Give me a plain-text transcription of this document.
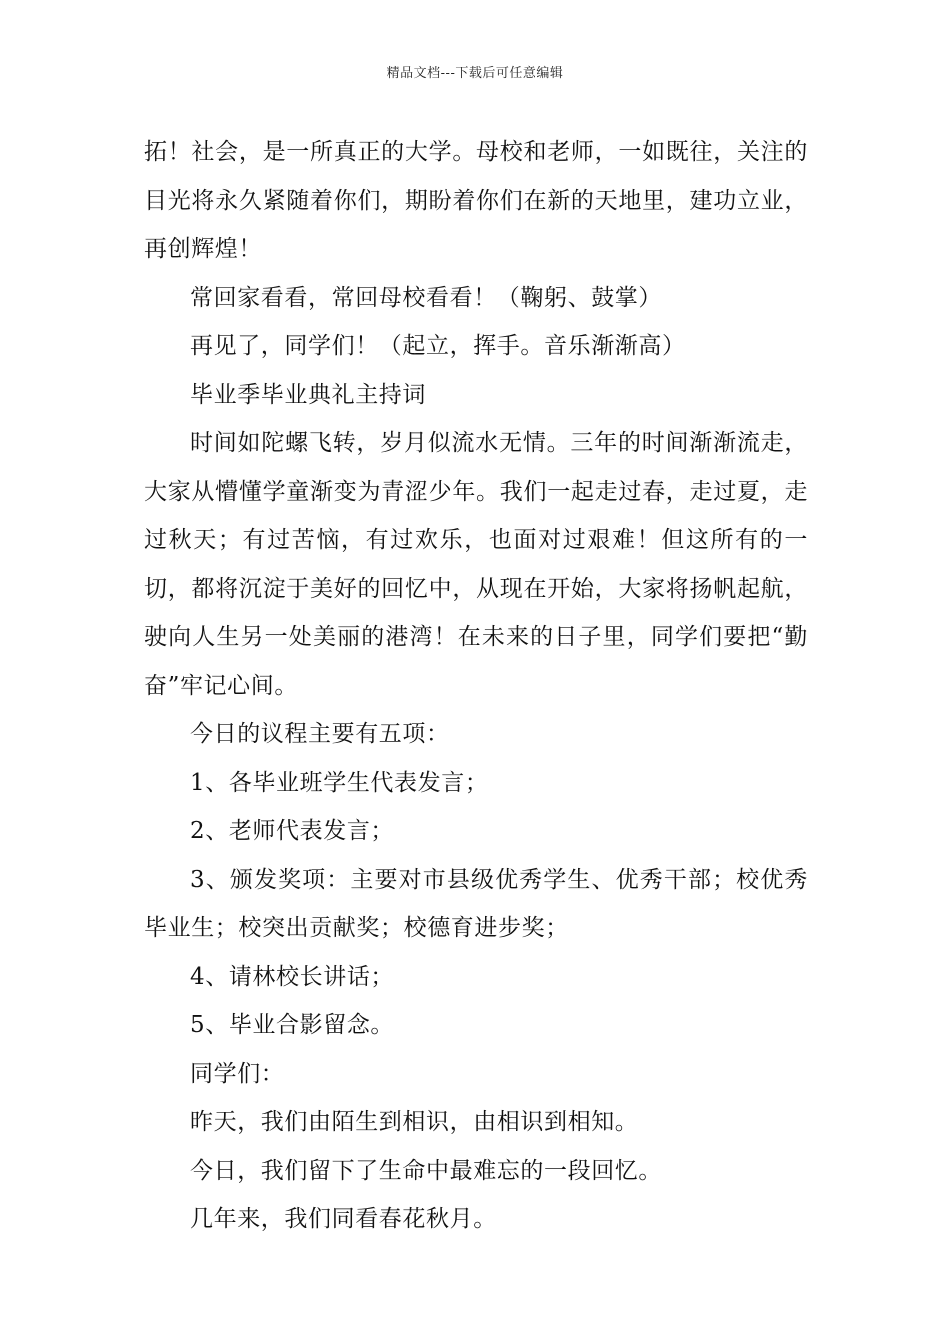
精品文档---下载后可任意编辑

拓！社会，是一所真正的大学。母校和老师，一如既往，关注的目光将永久紧随着你们，期盼着你们在新的天地里，建功立业，再创辉煌！

常回家看看，常回母校看看！（鞠躬、鼓掌）

再见了，同学们！（起立，挥手。音乐渐渐高）

毕业季毕业典礼主持词

时间如陀螺飞转，岁月似流水无情。三年的时间渐渐流走，大家从懵懂学童渐变为青涩少年。我们一起走过春，走过夏，走过秋天；有过苦恼，有过欢乐，也面对过艰难！但这所有的一切，都将沉淀于美好的回忆中，从现在开始，大家将扬帆起航，驶向人生另一处美丽的港湾！在未来的日子里，同学们要把“勤奋”牢记心间。

今日的议程主要有五项：

1、各毕业班学生代表发言；

2、老师代表发言；

3、颁发奖项：主要对市县级优秀学生、优秀干部；校优秀毕业生；校突出贡献奖；校德育进步奖；

4、请林校长讲话；

5、毕业合影留念。

同学们：

昨天，我们由陌生到相识，由相识到相知。

今日，我们留下了生命中最难忘的一段回忆。

几年来，我们同看春花秋月。
